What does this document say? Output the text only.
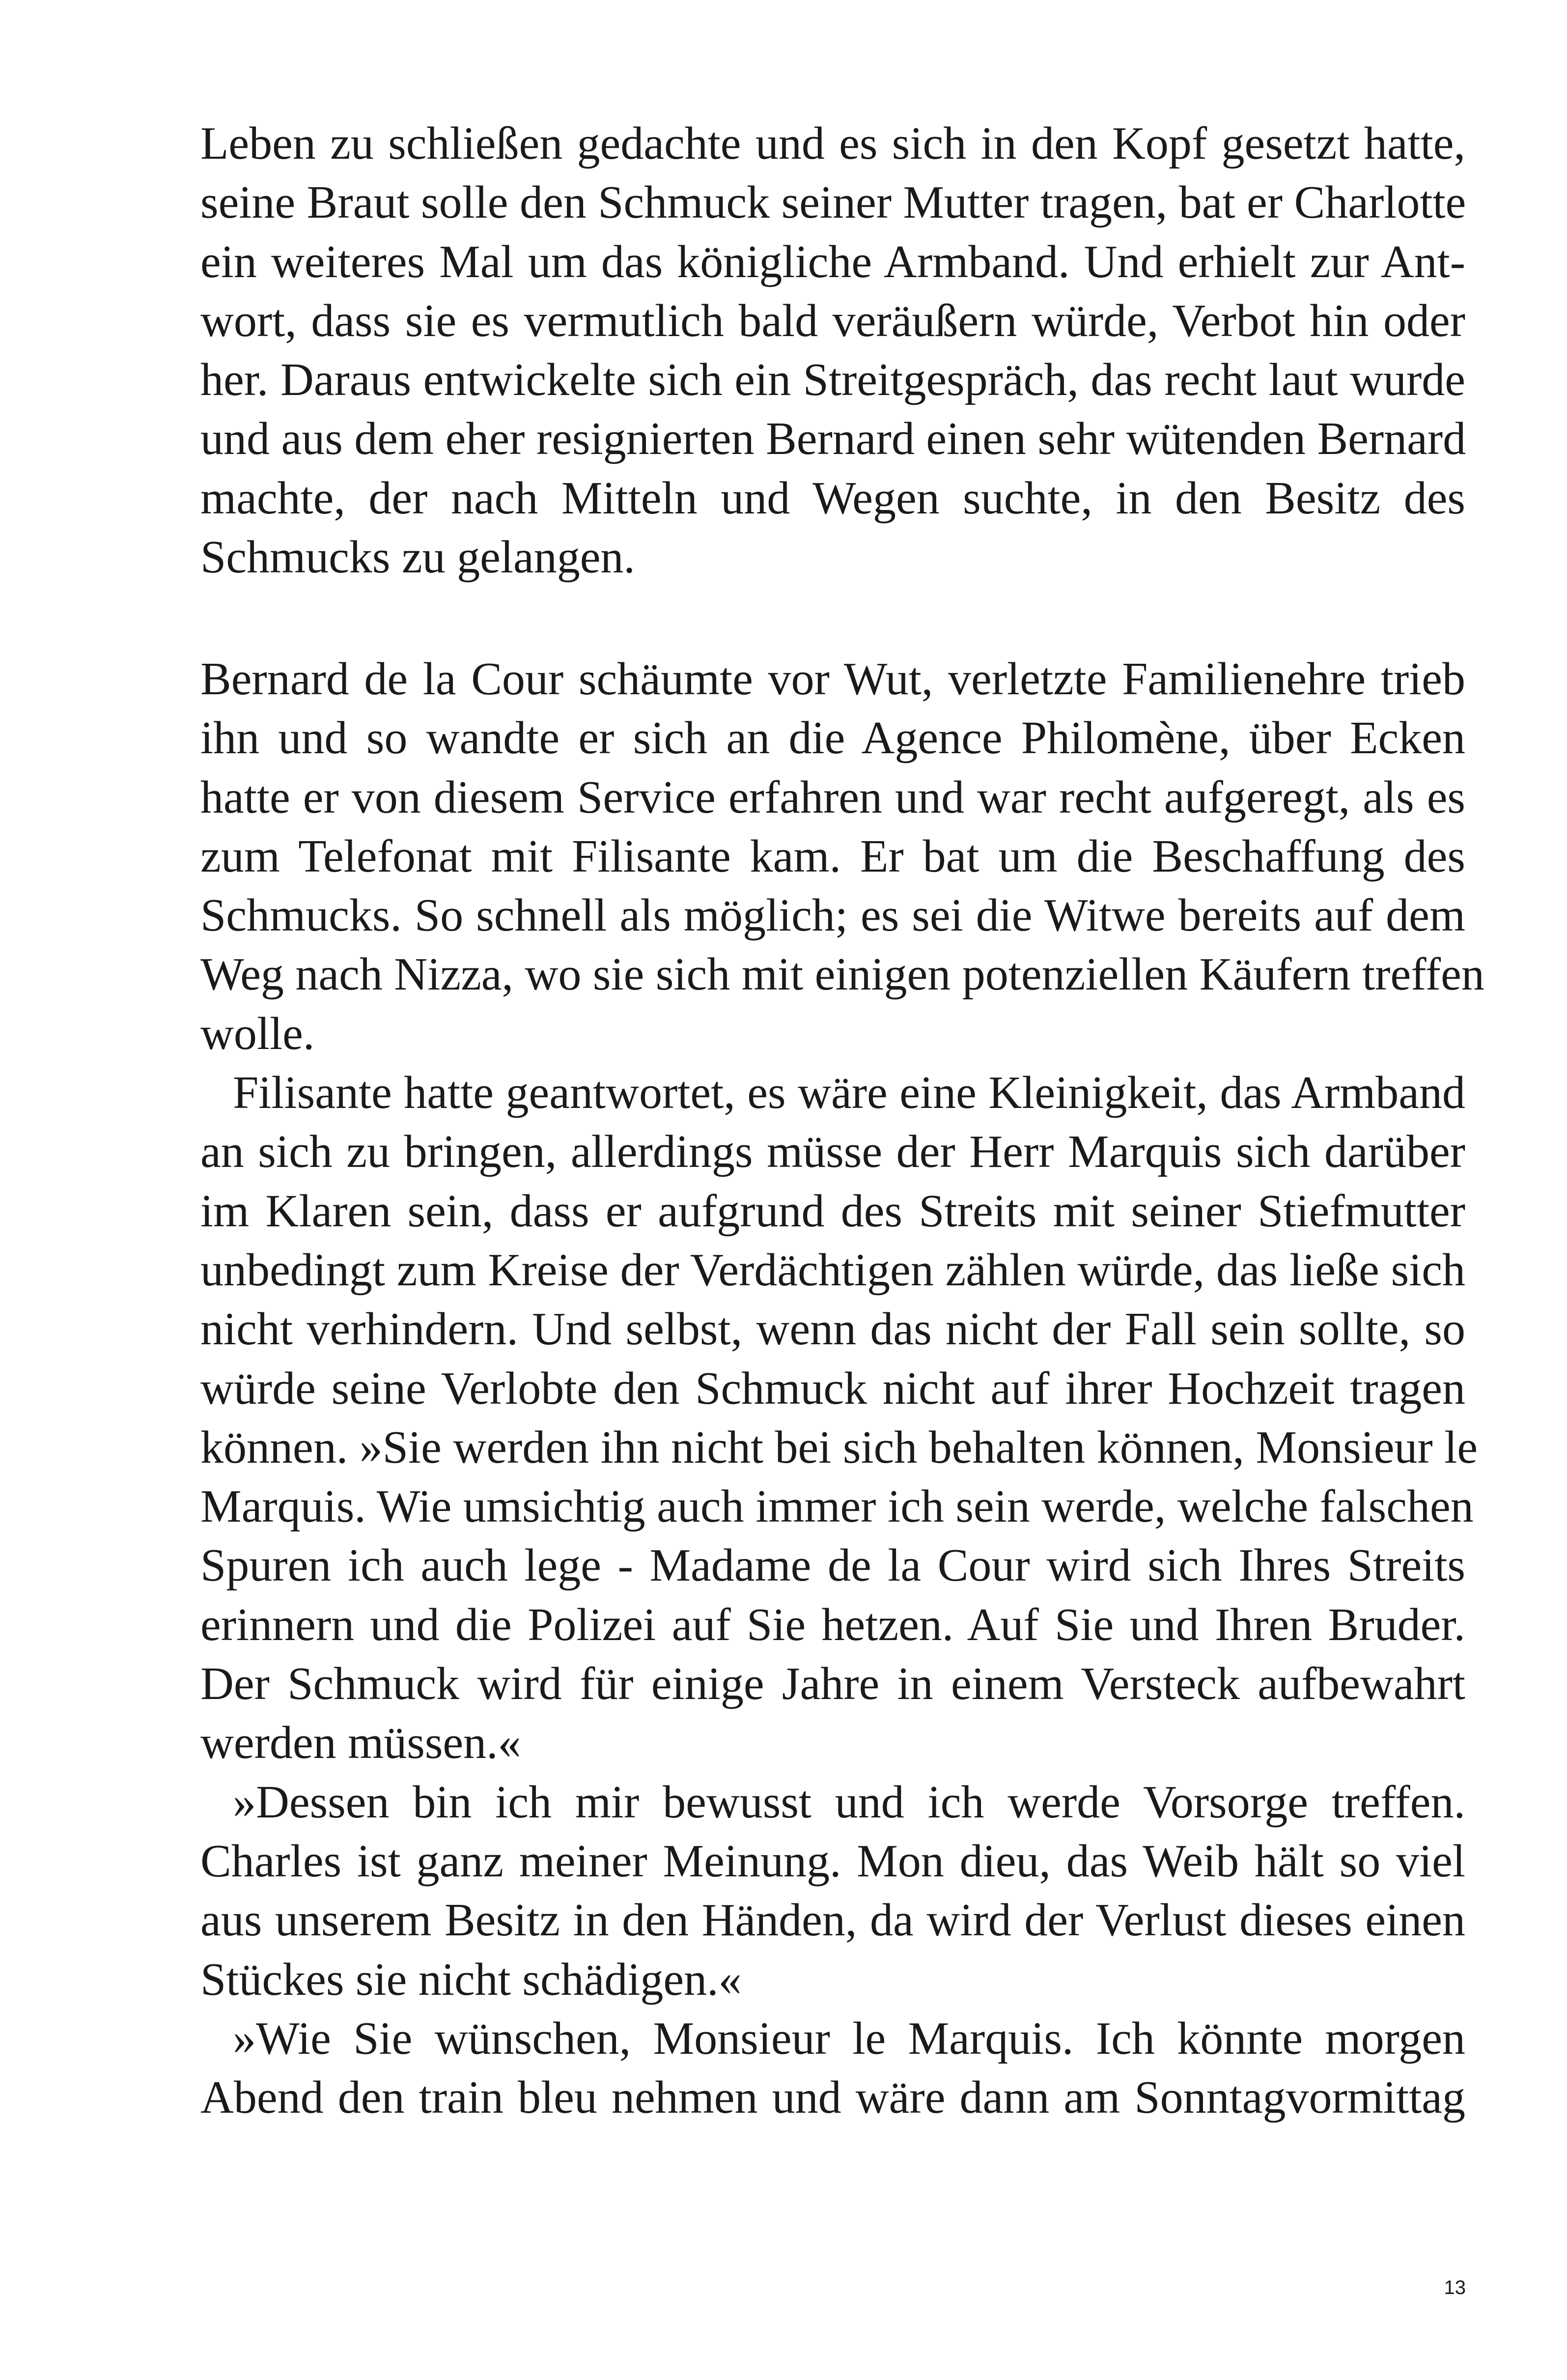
Leben zu schließen gedachte und es sich in den Kopf gesetzt hatte,
seine Braut solle den Schmuck seiner Mutter tragen, bat er Charlotte
ein weiteres Mal um das königliche Armband. Und erhielt zur Ant-
wort, dass sie es vermutlich bald veräußern würde, Verbot hin oder
her. Daraus entwickelte sich ein Streitgespräch, das recht laut wurde
und aus dem eher resignierten Bernard einen sehr wütenden Bernard
machte, der nach Mitteln und Wegen suchte, in den Besitz des
Schmucks zu gelangen.

Bernard de la Cour schäumte vor Wut, verletzte Familienehre trieb
ihn und so wandte er sich an die Agence Philomène, über Ecken
hatte er von diesem Service erfahren und war recht aufgeregt, als es
zum Telefonat mit Filisante kam. Er bat um die Beschaffung des
Schmucks. So schnell als möglich; es sei die Witwe bereits auf dem
Weg nach Nizza, wo sie sich mit einigen potenziellen Käufern treffen
wolle.

Filisante hatte geantwortet, es wäre eine Kleinigkeit, das Armband
an sich zu bringen, allerdings müsse der Herr Marquis sich darüber
im Klaren sein, dass er aufgrund des Streits mit seiner Stiefmutter
unbedingt zum Kreise der Verdächtigen zählen würde, das ließe sich
nicht verhindern. Und selbst, wenn das nicht der Fall sein sollte, so
würde seine Verlobte den Schmuck nicht auf ihrer Hochzeit tragen
können. »Sie werden ihn nicht bei sich behalten können, Monsieur le
Marquis. Wie umsichtig auch immer ich sein werde, welche falschen
Spuren ich auch lege - Madame de la Cour wird sich Ihres Streits
erinnern und die Polizei auf Sie hetzen. Auf Sie und Ihren Bruder.
Der Schmuck wird für einige Jahre in einem Versteck aufbewahrt
werden müssen.«

»Dessen bin ich mir bewusst und ich werde Vorsorge treffen.
Charles ist ganz meiner Meinung. Mon dieu, das Weib hält so viel
aus unserem Besitz in den Händen, da wird der Verlust dieses einen
Stückes sie nicht schädigen.«

»Wie Sie wünschen, Monsieur le Marquis. Ich könnte morgen
Abend den train bleu nehmen und wäre dann am Sonntagvormittag

13
